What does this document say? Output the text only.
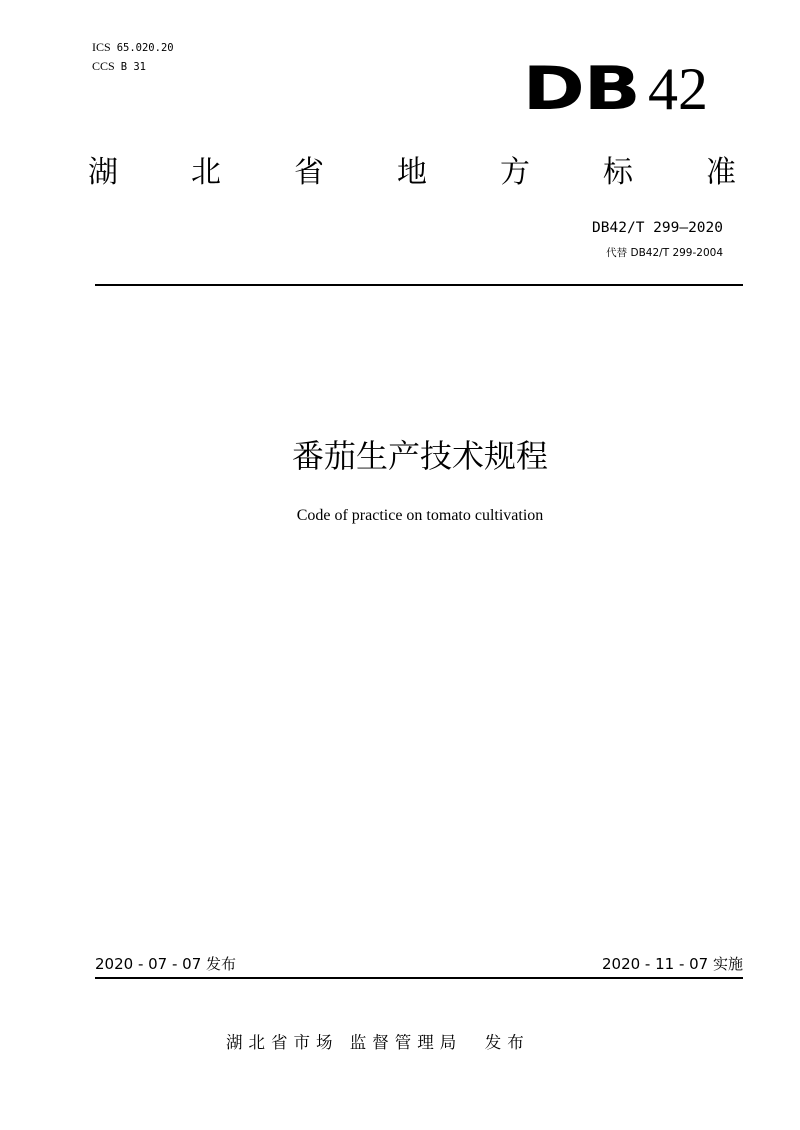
ICS 65.020.20
CCS B 31	DB 42
湖 北 省 地 方 标 准
DB42/T 299—2020
代替 DB42/T 299-2004
番茄生产技术规程
Code of practice on tomato cultivation
2020 - 07 - 07 发布	2020 - 11 - 07 实施
湖北省市场 监督管理局  发布
